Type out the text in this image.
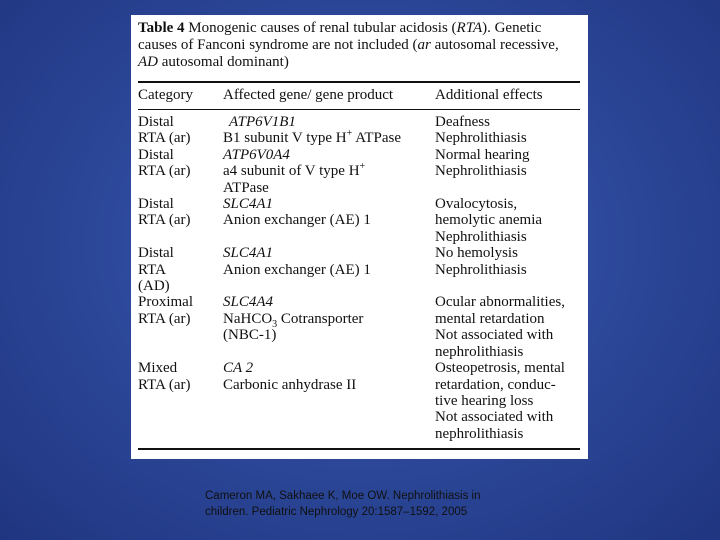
Table 4 Monogenic causes of renal tubular acidosis (RTA). Genetic causes of Fanconi syndrome are not included (ar autosomal recessive, AD autosomal dominant)
Category	Affected gene/ gene product	Additional effects
Distal
RTA (ar)
ATP6V1B1
B1 subunit V type H+ ATPase
Deafness
Nephrolithiasis
Distal
RTA (ar)
ATP6V0A4
a4 subunit of V type H+
ATPase
Normal hearing
Nephrolithiasis
Distal
RTA (ar)
SLC4A1
Anion exchanger (AE) 1
Ovalocytosis,
hemolytic anemia
Nephrolithiasis
Distal
RTA
(AD)
SLC4A1
Anion exchanger (AE) 1
No hemolysis
Nephrolithiasis
Proximal
RTA (ar)
SLC4A4
NaHCO$_3$ Cotransporter
(NBC-1)
Ocular abnormalities,
mental retardation
Not associated with
nephrolithiasis
Mixed
RTA (ar)
CA 2
Carbonic anhydrase II
Osteopetrosis, mental
retardation, conduc-
tive hearing loss
Not associated with
nephrolithiasis
Cameron MA, Sakhaee K, Moe OW. Nephrolithiasis in
children. Pediatric Nephrology 20:1587–1592, 2005
